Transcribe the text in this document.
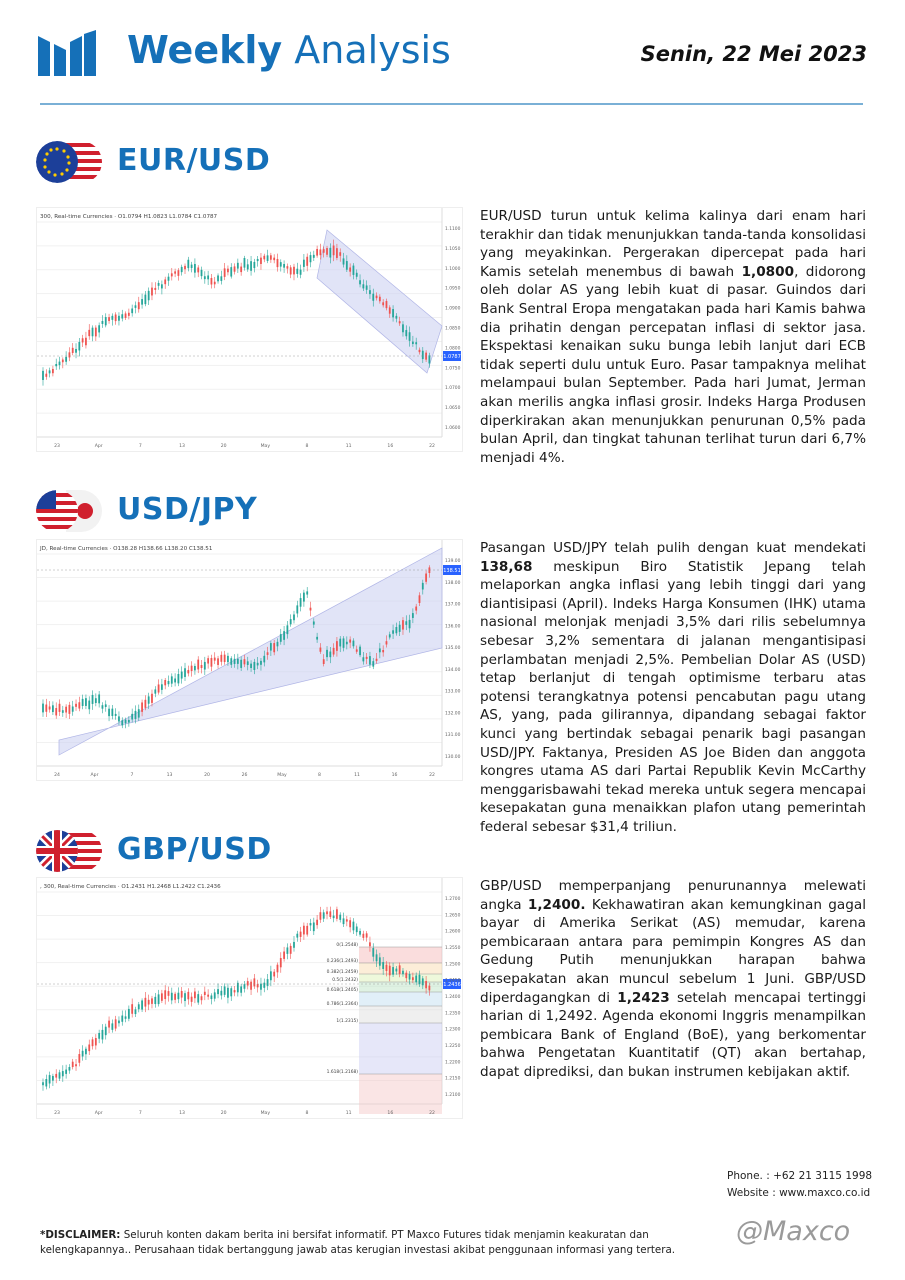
Weekly Analysis	Senin, 22 Mei 2023
EUR/USD
300, Real-time Currencies · O1.0794 H1.0823 L1.0784 C1.0787
1.0787
1.1100
1.1050
1.1000
1.0950
1.0900
1.0850
1.0800
1.0750
1.0700
1.0650
1.0600
23	Apr	7	13	20	May	8	11	16	22
EUR/USD turun untuk kelima kalinya dari enam hari terakhir dan tidak menunjukkan tanda-tanda konsolidasi yang meyakinkan. Pergerakan dipercepat pada hari Kamis setelah menembus di bawah 1,0800, didorong oleh dolar AS yang lebih kuat di pasar. Guindos dari Bank Sentral Eropa mengatakan pada hari Kamis bahwa dia prihatin dengan percepatan inflasi di sektor jasa. Ekspektasi kenaikan suku bunga lebih lanjut dari ECB tidak seperti dulu untuk Euro. Pasar tampaknya melihat melampaui bulan September. Pada hari Jumat, Jerman akan merilis angka inflasi grosir. Indeks Harga Produsen diperkirakan akan menunjukkan penurunan 0,5% pada bulan April, dan tingkat tahunan terlihat turun dari 6,7% menjadi 4%.
USD/JPY
JD, Real-time Currencies · O138.28 H138.66 L138.20 C138.51
138.51
139.00
138.00
137.00
136.00
135.00
134.00
133.00
132.00
131.00
130.00
24	Apr	7	13	20	26	May	8	11	16	22
Pasangan USD/JPY telah pulih dengan kuat mendekati 138,68 meskipun Biro Statistik Jepang telah melaporkan angka inflasi yang lebih tinggi dari yang diantisipasi (April). Indeks Harga Konsumen (IHK) utama nasional melonjak menjadi 3,5% dari rilis sebelumnya sebesar 3,2% sementara di jalanan mengantisipasi perlambatan menjadi 2,5%. Pembelian Dolar AS (USD) tetap berlanjut di tengah optimisme terbaru atas potensi terangkatnya potensi pencabutan pagu utang AS, yang, pada gilirannya, dipandang sebagai faktor kunci yang bertindak sebagai penarik bagi pasangan USD/JPY. Faktanya, Presiden AS Joe Biden dan anggota kongres utama AS dari Partai Republik Kevin McCarthy menggarisbawahi tekad mereka untuk segera mencapai kesepakatan guna menaikkan plafon utang pemerintah federal sebesar $31,4 triliun.
GBP/USD
, 300, Real-time Currencies · O1.2431 H1.2468 L1.2422 C1.2436
0(1.2548)
0.236(1.2493)
0.382(1.2459)
0.5(1.2432)
0.618(1.2405)
0.786(1.2364)
1(1.2315)
1.618(1.2168)
1.2436
1.2700
1.2650
1.2600
1.2550
1.2500
1.2450
1.2400
1.2350
1.2300
1.2250
1.2200
1.2150
1.2100
23	Apr	7	13	20	May	8	11	16	22
GBP/USD memperpanjang penurunannya melewati angka 1,2400. Kekhawatiran akan kemungkinan gagal bayar di Amerika Serikat (AS) memudar, karena pembicaraan antara para pemimpin Kongres AS dan Gedung Putih menunjukkan harapan bahwa kesepakatan akan muncul sebelum 1 Juni. GBP/USD diperdagangkan di 1,2423 setelah mencapai tertinggi harian di 1,2492. Agenda ekonomi Inggris menampilkan pembicara Bank of England (BoE), yang berkomentar bahwa Pengetatan Kuantitatif (QT) akan bertahap, dapat diprediksi, dan bukan instrumen kebijakan aktif.
Phone. : +62 21 3115 1998
Website : www.maxco.co.id
*DISCLAIMER: Seluruh konten dakam berita ini bersifat informatif. PT Maxco Futures tidak menjamin keakuratan dan kelengkapannya.. Perusahaan tidak bertanggung jawab atas kerugian investasi akibat penggunaan informasi yang tertera.
@Maxco
